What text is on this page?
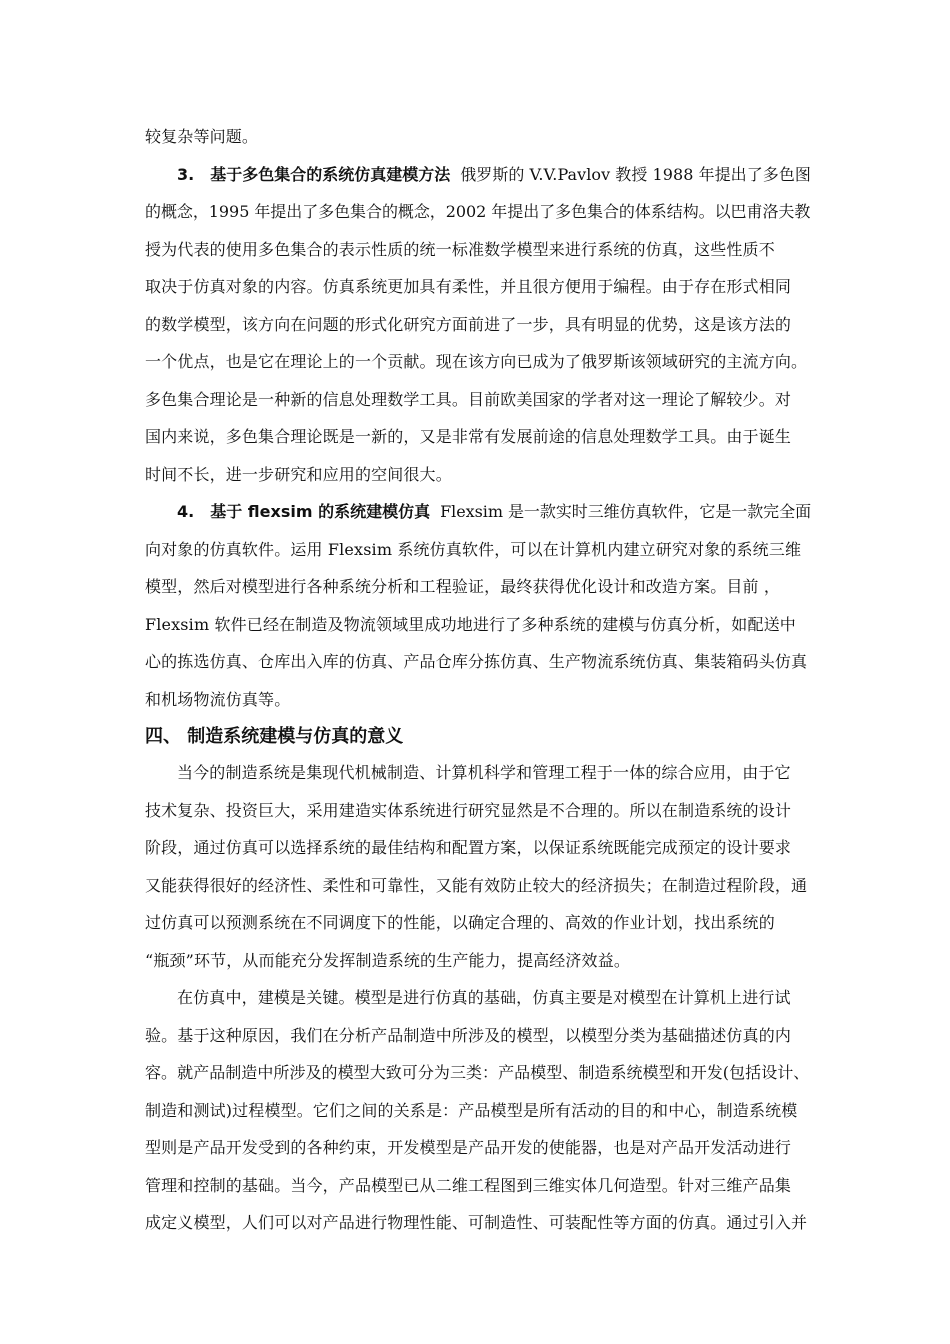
较复杂等问题。
3.　基于多色集合的系统仿真建模方法 俄罗斯的 V.V.Pavlov 教授 1988 年提出了多色图
的概念，1995 年提出了多色集合的概念，2002 年提出了多色集合的体系结构。以巴甫洛夫教
授为代表的使用多色集合的表示性质的统一标准数学模型来进行系统的仿真，这些性质不
取决于仿真对象的内容。仿真系统更加具有柔性，并且很方便用于编程。由于存在形式相同
的数学模型，该方向在问题的形式化研究方面前进了一步，具有明显的优势，这是该方法的
一个优点，也是它在理论上的一个贡献。现在该方向已成为了俄罗斯该领域研究的主流方向。
多色集合理论是一种新的信息处理数学工具。目前欧美国家的学者对这一理论了解较少。对
国内来说，多色集合理论既是一新的，又是非常有发展前途的信息处理数学工具。由于诞生
时间不长，进一步研究和应用的空间很大。
4.　基于 flexsim 的系统建模仿真 Flexsim 是一款实时三维仿真软件，它是一款完全面
向对象的仿真软件。运用 Flexsim 系统仿真软件，可以在计算机内建立研究对象的系统三维
模型，然后对模型进行各种系统分析和工程验证，最终获得优化设计和改造方案。目前 ，
Flexsim 软件已经在制造及物流领域里成功地进行了多种系统的建模与仿真分析，如配送中
心的拣选仿真、仓库出入库的仿真、产品仓库分拣仿真、生产物流系统仿真、集装箱码头仿真
和机场物流仿真等。
四、 制造系统建模与仿真的意义
当今的制造系统是集现代机械制造、计算机科学和管理工程于一体的综合应用，由于它
技术复杂、投资巨大，采用建造实体系统进行研究显然是不合理的。所以在制造系统的设计
阶段，通过仿真可以选择系统的最佳结构和配置方案，以保证系统既能完成预定的设计要求
又能获得很好的经济性、柔性和可靠性，又能有效防止较大的经济损失；在制造过程阶段，通
过仿真可以预测系统在不同调度下的性能，以确定合理的、高效的作业计划，找出系统的
“瓶颈”环节，从而能充分发挥制造系统的生产能力，提高经济效益。
在仿真中，建模是关键。模型是进行仿真的基础，仿真主要是对模型在计算机上进行试
验。基于这种原因，我们在分析产品制造中所涉及的模型，以模型分类为基础描述仿真的内
容。就产品制造中所涉及的模型大致可分为三类：产品模型、制造系统模型和开发(包括设计、
制造和测试)过程模型。它们之间的关系是：产品模型是所有活动的目的和中心，制造系统模
型则是产品开发受到的各种约束，开发模型是产品开发的使能器，也是对产品开发活动进行
管理和控制的基础。当今，产品模型已从二维工程图到三维实体几何造型。针对三维产品集
成定义模型，人们可以对产品进行物理性能、可制造性、可装配性等方面的仿真。通过引入并
